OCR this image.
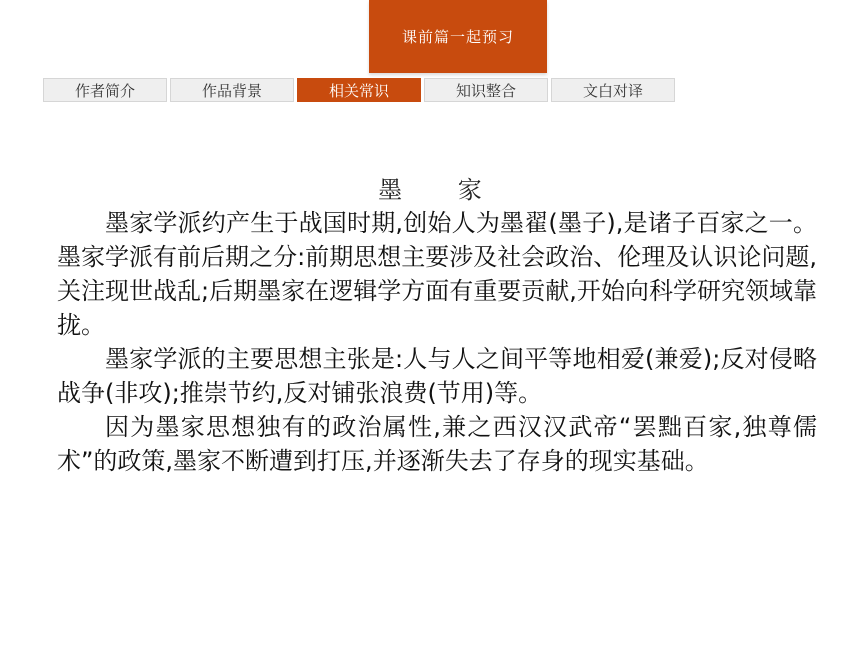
课前篇一起预习
作者简介	作品背景	相关常识	知识整合	文白对译
墨 家

墨家学派约产生于战国时期,创始人为墨翟(墨子),是诸子百家之一。墨家学派有前后期之分:前期思想主要涉及社会政治、伦理及认识论问题,关注现世战乱;后期墨家在逻辑学方面有重要贡献,开始向科学研究领域靠拢。

墨家学派的主要思想主张是:人与人之间平等地相爱(兼爱);反对侵略战争(非攻);推崇节约,反对铺张浪费(节用)等。

因为墨家思想独有的政治属性,兼之西汉汉武帝“罢黜百家,独尊儒术”的政策,墨家不断遭到打压,并逐渐失去了存身的现实基础。
